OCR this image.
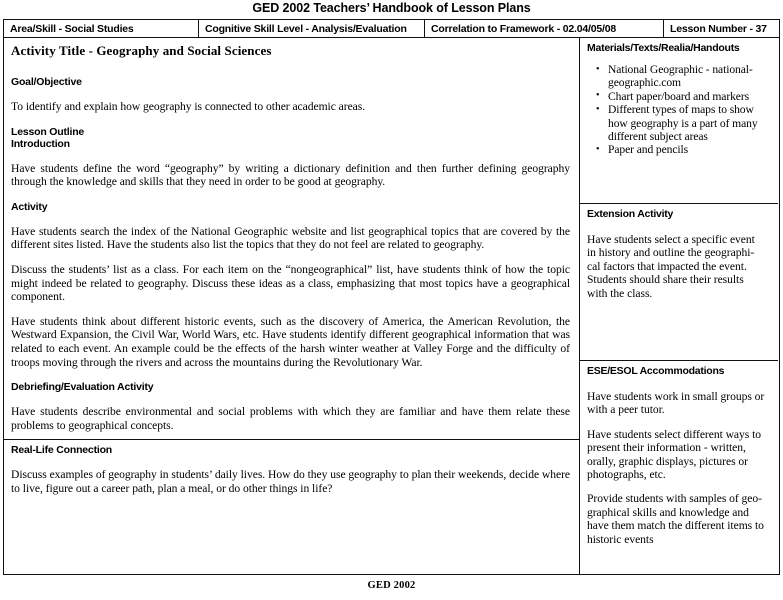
GED 2002 Teachers’ Handbook of Lesson Plans
Area/Skill - Social Studies	Cognitive Skill Level - Analysis/Evaluation	Correlation to Framework - 02.04/05/08	Lesson Number - 37
Activity Title - Geography and Social Sciences
Goal/Objective

To identify and explain how geography is connected to other academic areas.

Lesson Outline
Introduction

Have students define the word “geography” by writing a dictionary definition and then further defining geography through the knowledge and skills that they need in order to be good at geography.

Activity

Have students search the index of the National Geographic website and list geographical topics that are covered by the different sites listed. Have the students also list the topics that they do not feel are related to geography.

Discuss the students’ list as a class. For each item on the “nongeographical” list, have students think of how the topic might indeed be related to geography. Discuss these ideas as a class, emphasizing that most topics have a geographical component.

Have students think about different historic events, such as the discovery of America, the American Revolution, the Westward Expansion, the Civil War, World Wars, etc. Have students identify different geographical information that was related to each event. An example could be the effects of the harsh winter weather at Valley Forge and the difficulty of troops moving through the rivers and across the mountains during the Revolutionary War.

Debriefing/Evaluation Activity

Have students describe environmental and social problems with which they are familiar and have them relate these problems to geographical concepts.

Real-Life Connection

Discuss examples of geography in students’ daily lives. How do they use geography to plan their weekends, decide where to live, figure out a career path, plan a meal, or do other things in life?

Materials/Texts/Realia/Handouts
• National Geographic - national-
geographic.com
• Chart paper/board and markers
• Different types of maps to show
how geography is a part of many
different subject areas
• Paper and pencils
Extension Activity

Have students select a specific event

in history and outline the geographi-

cal factors that impacted the event.

Students should share their results

with the class.

ESE/ESOL Accommodations

Have students work in small groups or

with a peer tutor.

Have students select different ways to

present their information - written,

orally, graphic displays, pictures or

photographs, etc.

Provide students with samples of geo-

graphical skills and knowledge and

have them match the different items to

historic events

GED 2002
